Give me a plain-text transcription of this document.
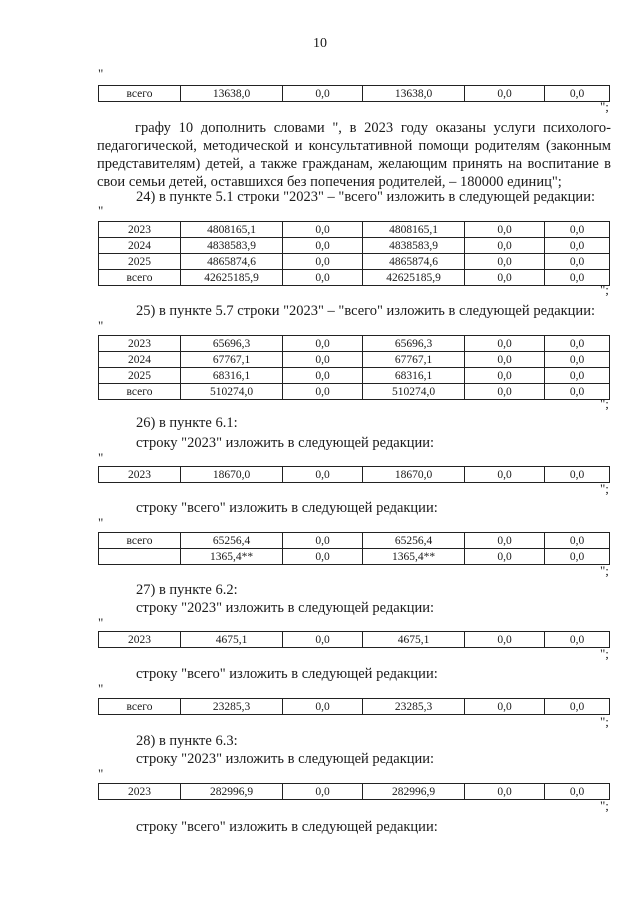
10
"
всего	13638,0	0,0	13638,0	0,0	0,0
";
графу 10 дополнить словами ", в 2023 году оказаны услуги психолого-педагогической, методической и консультативной помощи родителям (законным представителям) детей, а также гражданам, желающим принять на воспитание в свои семьи детей, оставшихся без попечения родителей, – 180000 единиц";
24) в пункте 5.1 строки "2023" – "всего" изложить в следующей редакции:
"
2023	4808165,1	0,0	4808165,1	0,0	0,0
2024	4838583,9	0,0	4838583,9	0,0	0,0
2025	4865874,6	0,0	4865874,6	0,0	0,0
всего	42625185,9	0,0	42625185,9	0,0	0,0
";
25) в пункте 5.7 строки "2023" – "всего" изложить в следующей редакции:
"
2023	65696,3	0,0	65696,3	0,0	0,0
2024	67767,1	0,0	67767,1	0,0	0,0
2025	68316,1	0,0	68316,1	0,0	0,0
всего	510274,0	0,0	510274,0	0,0	0,0
";
26) в пункте 6.1:
строку "2023" изложить в следующей редакции:
"
2023	18670,0	0,0	18670,0	0,0	0,0
";
строку "всего" изложить в следующей редакции:
"
всего	65256,4	0,0	65256,4	0,0	0,0
	1365,4**	0,0	1365,4**	0,0	0,0
";
27) в пункте 6.2:
строку "2023" изложить в следующей редакции:
"
2023	4675,1	0,0	4675,1	0,0	0,0
";
строку "всего" изложить в следующей редакции:
"
всего	23285,3	0,0	23285,3	0,0	0,0
";
28) в пункте 6.3:
строку "2023" изложить в следующей редакции:
"
2023	282996,9	0,0	282996,9	0,0	0,0
";
строку "всего" изложить в следующей редакции:
